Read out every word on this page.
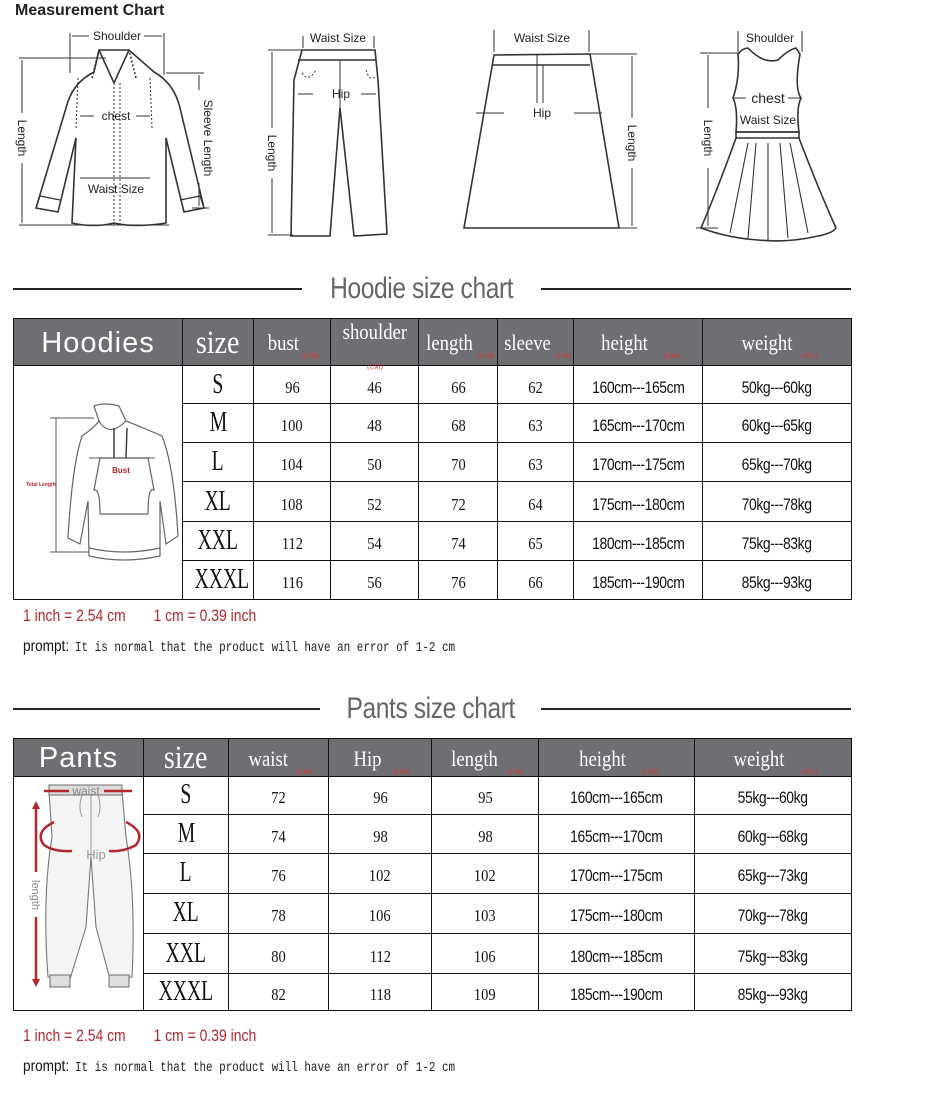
Measurement Chart
Shoulder
chest
Waist Size
Length	Sleeve Length
Waist Size
Hip
Length
Waist Size
Hip
Length
Shoulder
chest
Waist Size
Length
Hoodie size chart
Hoodies	size	bust$_{(CM)}$	shoulder$_{(CM)}$	length$_{(CM)}$	sleeve$_{(CM)}$	height$_{(CM)}$	weight$_{(KG)}$

Bust
Total Length	S	96	46	66	62	160cm---165cm	50kg---60kg
	M	100	48	68	63	165cm---170cm	60kg---65kg
	L	104	50	70	63	170cm---175cm	65kg---70kg
	XL	108	52	72	64	175cm---180cm	70kg---78kg
	XXL	112	54	74	65	180cm---185cm	75kg---83kg
	XXXL	116	56	76	66	185cm---190cm	85kg---93kg
1 inch = 2.54 cm 1 cm = 0.39 inch
prompt: It is normal that the product will have an error of 1-2 cm
Pants size chart
Pants	size	waist$_{(CM)}$	Hip$_{(CM)}$	length$_{(CM)}$	height$_{(CM)}$	weight$_{(KG)}$

waist
Hip
length	S	72	96	95	160cm---165cm	55kg---60kg
	M	74	98	98	165cm---170cm	60kg---68kg
	L	76	102	102	170cm---175cm	65kg---73kg
	XL	78	106	103	175cm---180cm	70kg---78kg
	XXL	80	112	106	180cm---185cm	75kg---83kg
	XXXL	82	118	109	185cm---190cm	85kg---93kg
1 inch = 2.54 cm 1 cm = 0.39 inch
prompt: It is normal that the product will have an error of 1-2 cm
